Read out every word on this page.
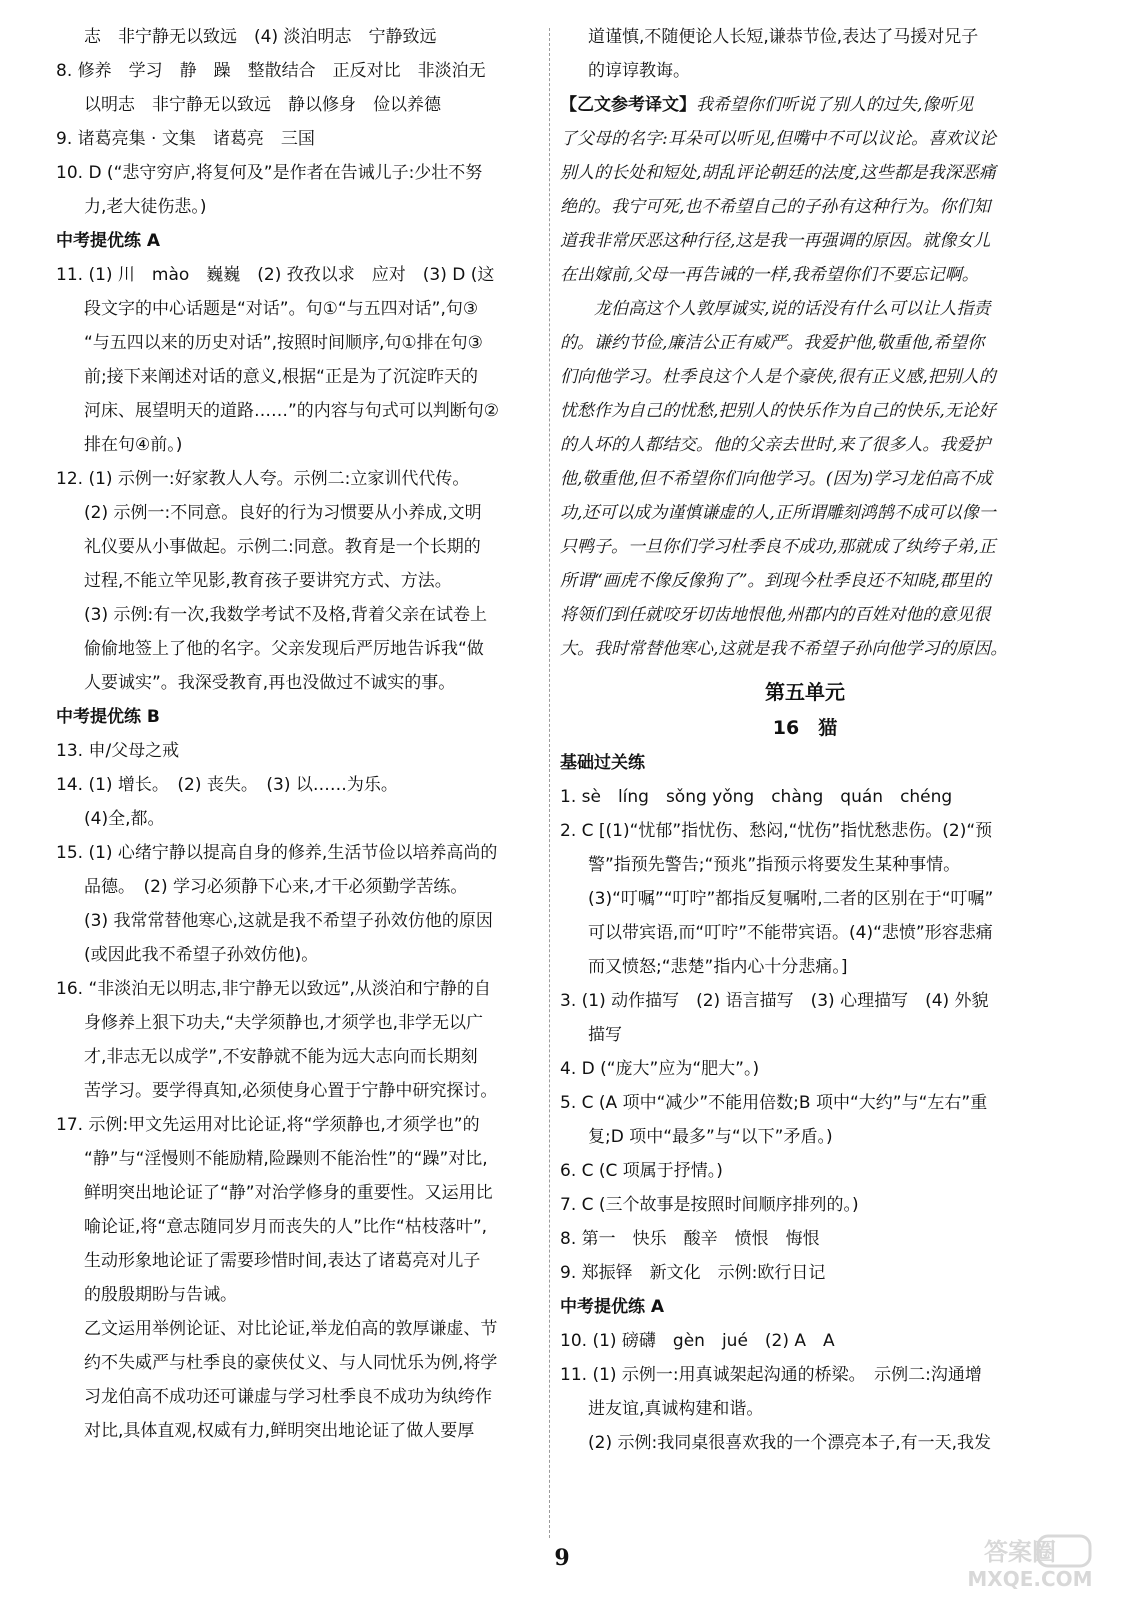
志　非宁静无以致远　(4) 淡泊明志　宁静致远

8. 修养　学习　静　躁　整散结合　正反对比　非淡泊无

以明志　非宁静无以致远　静以修身　俭以养德

9. 诸葛亮集 · 文集　诸葛亮　三国

10. D (“悲守穷庐,将复何及”是作者在告诫儿子:少壮不努

力,老大徒伤悲。)

中考提优练 A

11. (1) 川　mào　巍巍　(2) 孜孜以求　应对　(3) D (这

段文字的中心话题是“对话”。句①“与五四对话”,句③

“与五四以来的历史对话”,按照时间顺序,句①排在句③

前;接下来阐述对话的意义,根据“正是为了沉淀昨天的

河床、展望明天的道路……”的内容与句式可以判断句②

排在句④前。)

12. (1) 示例一:好家教人人夸。示例二:立家训代代传。

(2) 示例一:不同意。良好的行为习惯要从小养成,文明

礼仪要从小事做起。示例二:同意。教育是一个长期的

过程,不能立竿见影,教育孩子要讲究方式、方法。

(3) 示例:有一次,我数学考试不及格,背着父亲在试卷上

偷偷地签上了他的名字。父亲发现后严厉地告诉我“做

人要诚实”。我深受教育,再也没做过不诚实的事。

中考提优练 B

13. 申/父母之戒

14. (1) 增长。　(2) 丧失。　(3) 以……为乐。

(4)全,都。

15. (1) 心绪宁静以提高自身的修养,生活节俭以培养高尚的

品德。　(2) 学习必须静下心来,才干必须勤学苦练。

(3) 我常常替他寒心,这就是我不希望子孙效仿他的原因

(或因此我不希望子孙效仿他)。

16. “非淡泊无以明志,非宁静无以致远”,从淡泊和宁静的自

身修养上狠下功夫,“夫学须静也,才须学也,非学无以广

才,非志无以成学”,不安静就不能为远大志向而长期刻

苦学习。要学得真知,必须使身心置于宁静中研究探讨。

17. 示例:甲文先运用对比论证,将“学须静也,才须学也”的

“静”与“淫慢则不能励精,险躁则不能治性”的“躁”对比,

鲜明突出地论证了“静”对治学修身的重要性。又运用比

喻论证,将“意志随同岁月而丧失的人”比作“枯枝落叶”,

生动形象地论证了需要珍惜时间,表达了诸葛亮对儿子

的殷殷期盼与告诫。

乙文运用举例论证、对比论证,举龙伯高的敦厚谦虚、节

约不失威严与杜季良的豪侠仗义、与人同忧乐为例,将学

习龙伯高不成功还可谦虚与学习杜季良不成功为纨绔作

对比,具体直观,权威有力,鲜明突出地论证了做人要厚

道谨慎,不随便论人长短,谦恭节俭,表达了马援对兄子

的谆谆教诲。

【乙文参考译文】我希望你们听说了别人的过失,像听见

了父母的名字:耳朵可以听见,但嘴中不可以议论。喜欢议论

别人的长处和短处,胡乱评论朝廷的法度,这些都是我深恶痛

绝的。我宁可死,也不希望自己的子孙有这种行为。你们知

道我非常厌恶这种行径,这是我一再强调的原因。就像女儿

在出嫁前,父母一再告诫的一样,我希望你们不要忘记啊。

龙伯高这个人敦厚诚实,说的话没有什么可以让人指责

的。谦约节俭,廉洁公正有威严。我爱护他,敬重他,希望你

们向他学习。杜季良这个人是个豪侠,很有正义感,把别人的

忧愁作为自己的忧愁,把别人的快乐作为自己的快乐,无论好

的人坏的人都结交。他的父亲去世时,来了很多人。我爱护

他,敬重他,但不希望你们向他学习。(因为)学习龙伯高不成

功,还可以成为谨慎谦虚的人,正所谓雕刻鸿鹄不成可以像一

只鸭子。一旦你们学习杜季良不成功,那就成了纨绔子弟,正

所谓“画虎不像反像狗了”。到现今杜季良还不知晓,郡里的

将领们到任就咬牙切齿地恨他,州郡内的百姓对他的意见很

大。我时常替他寒心,这就是我不希望子孙向他学习的原因。

第五单元
16　猫

基础过关练

1. sè　líng　sǒng yǒng　chàng　quán　chéng

2. C [(1)“忧郁”指忧伤、愁闷,“忧伤”指忧愁悲伤。(2)“预

警”指预先警告;“预兆”指预示将要发生某种事情。

(3)“叮嘱”“叮咛”都指反复嘱咐,二者的区别在于“叮嘱”

可以带宾语,而“叮咛”不能带宾语。(4)“悲愤”形容悲痛

而又愤怒;“悲楚”指内心十分悲痛。]

3. (1) 动作描写　(2) 语言描写　(3) 心理描写　(4) 外貌

描写

4. D (“庞大”应为“肥大”。)

5. C (A 项中“减少”不能用倍数;B 项中“大约”与“左右”重

复;D 项中“最多”与“以下”矛盾。)

6. C (C 项属于抒情。)

7. C (三个故事是按照时间顺序排列的。)

8. 第一　快乐　酸辛　愤恨　悔恨

9. 郑振铎　新文化　示例:欧行日记

中考提优练 A

10. (1) 磅礴　gèn　jué　(2) A　A

11. (1) 示例一:用真诚架起沟通的桥梁。　示例二:沟通增

进友谊,真诚构建和谐。

(2) 示例:我同桌很喜欢我的一个漂亮本子,有一天,我发

9	答案圈
MXQE.COM
